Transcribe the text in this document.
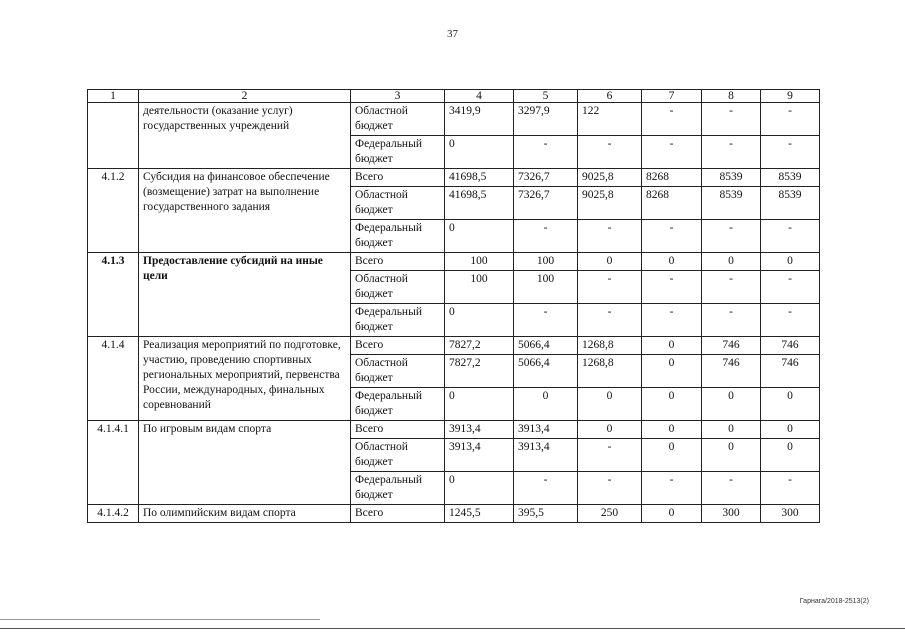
37
1	2	3	4	5	6	7	8	9
	деятельности (оказание услуг) государственных учреждений	Областной бюджет	3419,9	3297,9	122	-	-	-
		Федеральный бюджет	0	-	-	-	-	-
4.1.2	Субсидия на финансовое обеспечение (возмещение) затрат на выполнение государственного задания	Всего	41698,5	7326,7	9025,8	8268	8539	8539
		Областной бюджет	41698,5	7326,7	9025,8	8268	8539	8539
		Федеральный бюджет	0	-	-	-	-	-
4.1.3	Предоставление субсидий на иные цели	Всего	100	100	0	0	0	0
		Областной бюджет	100	100	-	-	-	-
		Федеральный бюджет	0	-	-	-	-	-
4.1.4	Реализация мероприятий по подготовке, участию, проведению спортивных региональных мероприятий, первенства России, международных, финальных соревнований	Всего	7827,2	5066,4	1268,8	0	746	746
		Областной бюджет	7827,2	5066,4	1268,8	0	746	746
		Федеральный бюджет	0	0	0	0	0	0
4.1.4.1	По игровым видам спорта	Всего	3913,4	3913,4	0	0	0	0
		Областной бюджет	3913,4	3913,4	-	0	0	0
		Федеральный бюджет	0	-	-	-	-	-
4.1.4.2	По олимпийским видам спорта	Всего	1245,5	395,5	250	0	300	300
Гарнага/2018-2513(2)
